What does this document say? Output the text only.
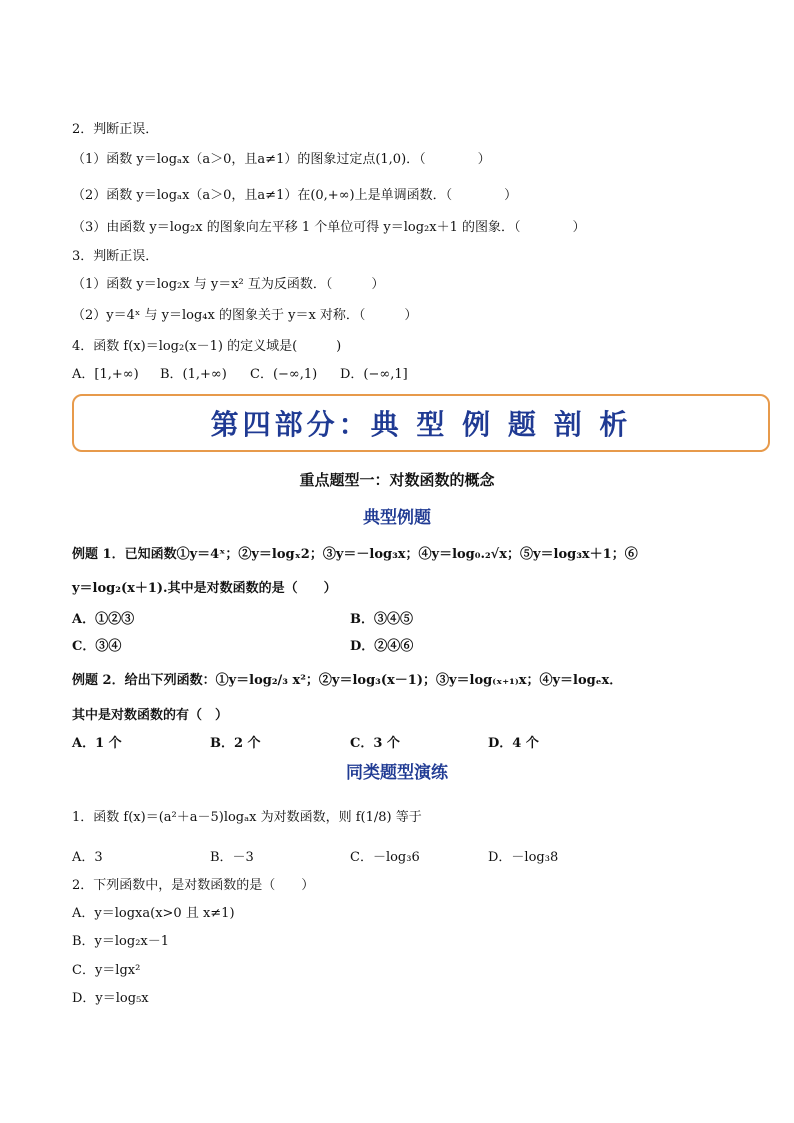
2．判断正误．
（1）函数 y＝logₐx（a＞0，且a≠1）的图象过定点(1,0)．（　　　　）
（2）函数 y＝logₐx（a＞0，且a≠1）在(0,+∞)上是单调函数．（　　　　）
（3）由函数 y＝log₂x 的图象向左平移 1 个单位可得 y＝log₂x＋1 的图象．（　　　　）
3．判断正误．
（1）函数 y＝log₂x 与 y＝x² 互为反函数．（　　　）
（2）y＝4ˣ 与 y＝log₄x 的图象关于 y＝x 对称．（　　　）
4．函数 f(x)＝log₂(x－1) 的定义域是(　　　)
A．[1,+∞) B．(1,+∞) C．(−∞,1) D．(−∞,1]
第四部分：典 型 例 题 剖 析
重点题型一：对数函数的概念
典型例题
例题 1．已知函数①y＝4ˣ；②y＝logₓ2；③y＝－log₃x；④y＝log₀.₂√x；⑤y＝log₃x＋1；⑥
y＝log₂(x＋1).其中是对数函数的是（　　）
A．①②③	B．③④⑤
C．③④	D．②④⑥
例题 2．给出下列函数：①y＝log₂/₃ x²；②y＝log₃(x－1)；③y＝log₍ₓ₊₁₎x；④y＝logₑx．
其中是对数函数的有（　）
A．1 个	B．2 个	C．3 个	D．4 个
同类题型演练
1．函数 f(x)＝(a²＋a－5)logₐx 为对数函数，则 f(1/8) 等于
A．3	B．－3	C．－log₃6	D．－log₃8
2．下列函数中，是对数函数的是（　　）
A．y＝logxa(x>0 且 x≠1)
B．y＝log₂x－1
C．y＝lgx²
D．y＝log₅x
